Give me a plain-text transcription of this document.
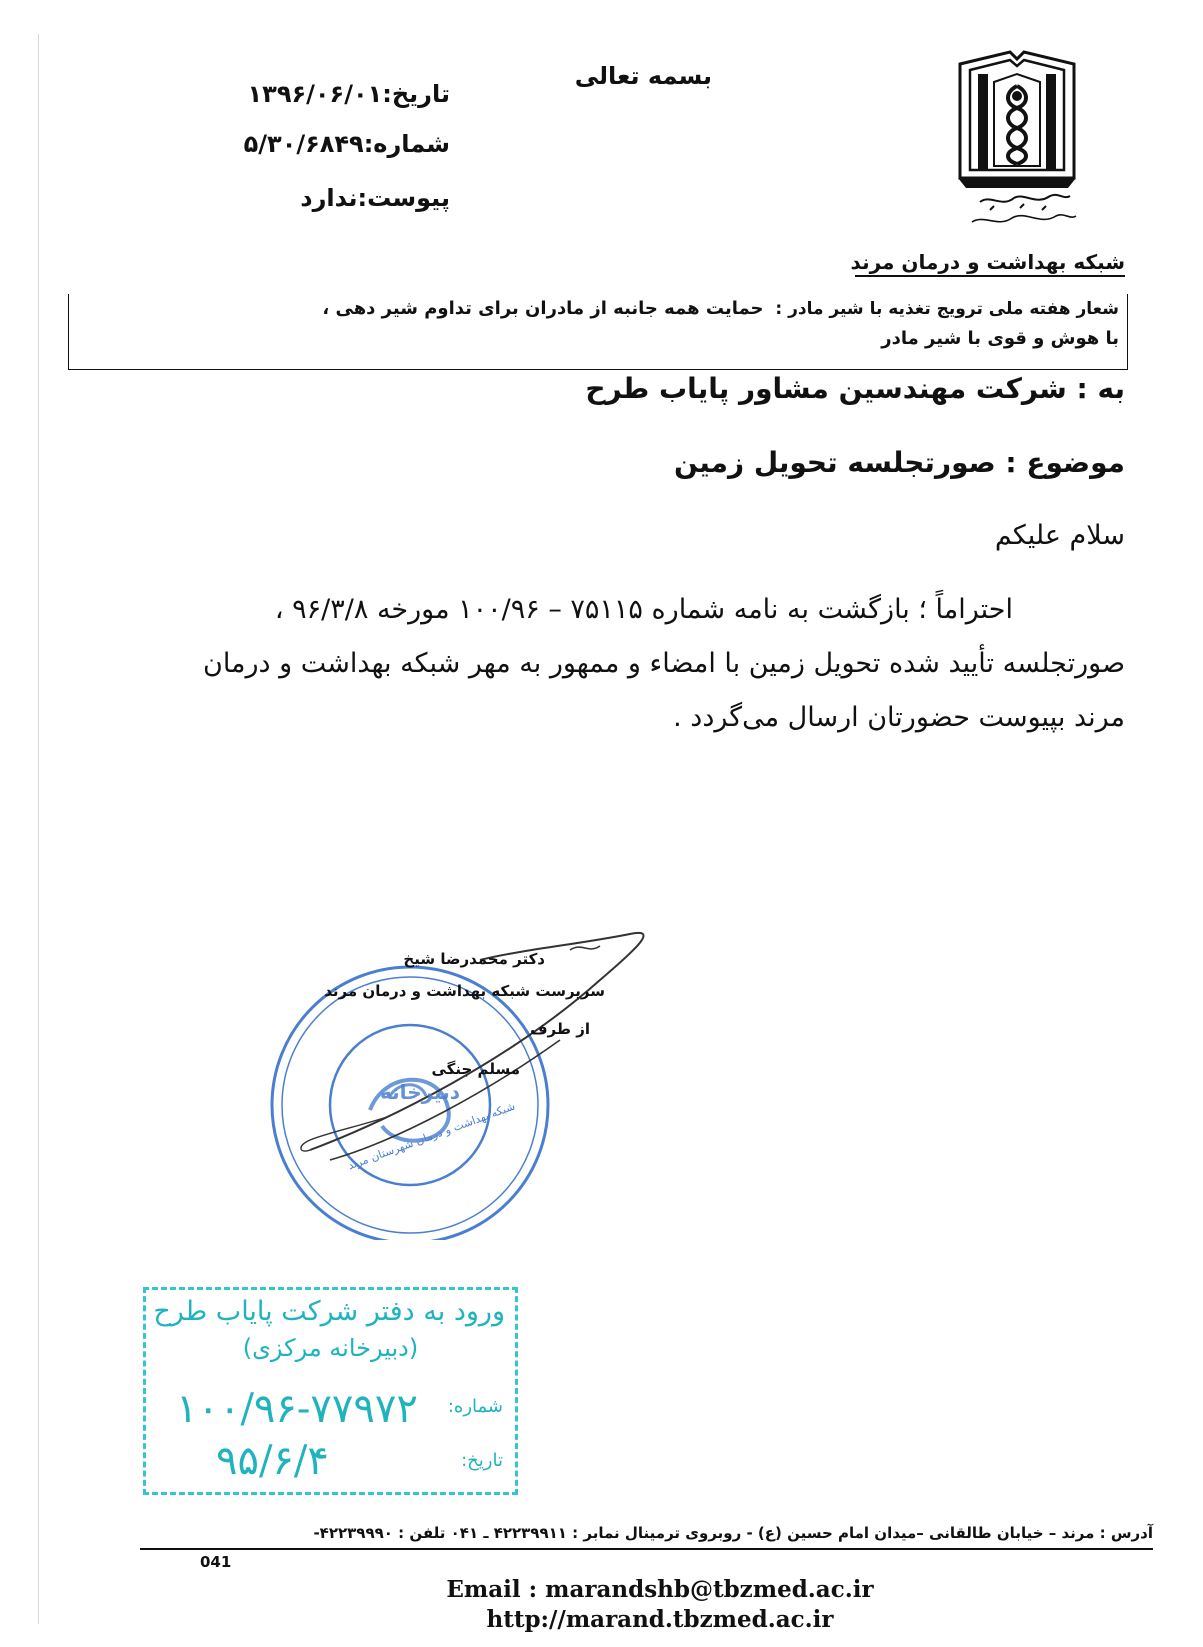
بسمه تعالی
تاریخ:۱۳۹۶/۰۶/۰۱
شماره:۵/۳۰/۶۸۴۹
پیوست:ندارد
شبکه بهداشت و درمان مرند
شعار هفته ملی ترویج تغذیه با شیر مادر :  حمایت همه جانبه از مادران برای تداوم شیر دهی ،
با هوش و قوی با شیر مادر
به : شرکت مهندسین مشاور پایاب طرح
موضوع : صورتجلسه تحویل زمین
سلام علیکم
احتراماً ؛ بازگشت به نامه شماره ۷۵۱۱۵ – ۱۰۰/۹۶ مورخه ۹۶/۳/۸ ،
صورتجلسه تأیید شده تحویل زمین با امضاء و ممهور به مهر شبکه بهداشت و درمان
مرند بپیوست حضورتان ارسال می‌گردد .
دکتر محمدرضا شیخ
سرپرست شبکه بهداشت و درمان مرند
از طرف
مسلم جنگی
شبکه بهداشت و درمان شهرستان مرند
دبیرخانه
ورود به دفتر شرکت پایاب طرح
(دبیرخانه مرکزی)
شماره:
۱۰۰/۹۶-۷۷۹۷۲
تاریخ:
۹۵/۶/۴
آدرس : مرند – خیابان طالقانی –میدان امام حسین (ع) - روبروی ترمینال نمابر : ۴۲۲۳۹۹۱۱ ـ ۰۴۱ تلفن : ۴۲۲۳۹۹۹۰-
041
Email : marandshb@tbzmed.ac.ir
http://marand.tbzmed.ac.ir
